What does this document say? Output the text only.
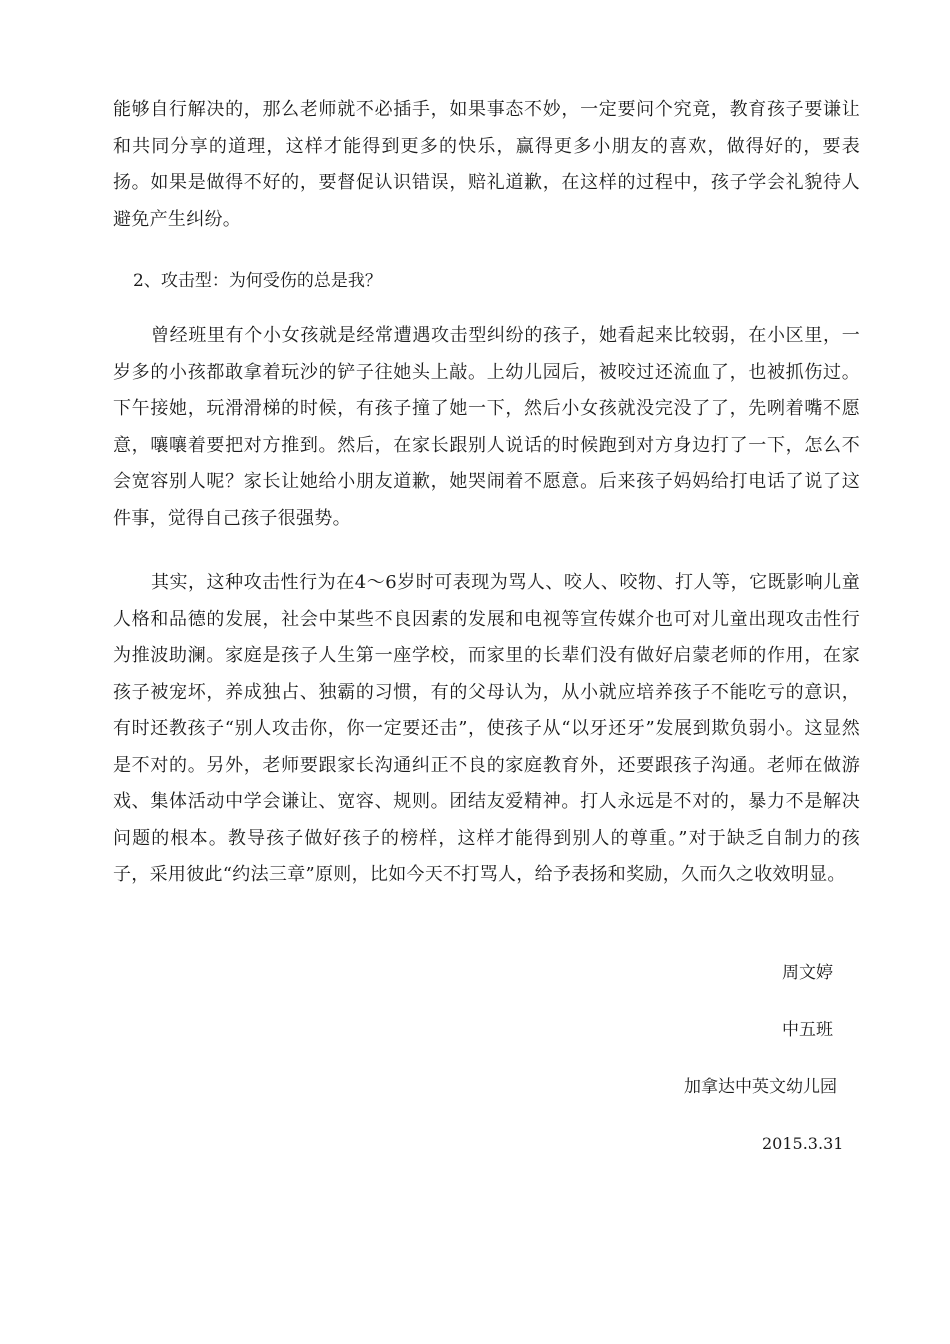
能够自行解决的，那么老师就不必插手，如果事态不妙，一定要问个究竟，教育孩子要谦让和共同分享的道理，这样才能得到更多的快乐，赢得更多小朋友的喜欢，做得好的，要表扬。如果是做得不好的，要督促认识错误，赔礼道歉，在这样的过程中，孩子学会礼貌待人避免产生纠纷。

2、攻击型：为何受伤的总是我？

曾经班里有个小女孩就是经常遭遇攻击型纠纷的孩子，她看起来比较弱，在小区里，一岁多的小孩都敢拿着玩沙的铲子往她头上敲。上幼儿园后，被咬过还流血了，也被抓伤过。下午接她，玩滑滑梯的时候，有孩子撞了她一下，然后小女孩就没完没了了，先咧着嘴不愿意，嚷嚷着要把对方推到。然后，在家长跟别人说话的时候跑到对方身边打了一下，怎么不会宽容别人呢？家长让她给小朋友道歉，她哭闹着不愿意。后来孩子妈妈给打电话了说了这件事，觉得自己孩子很强势。

其实，这种攻击性行为在4～6岁时可表现为骂人、咬人、咬物、打人等，它既影响儿童人格和品德的发展，社会中某些不良因素的发展和电视等宣传媒介也可对儿童出现攻击性行为推波助澜。家庭是孩子人生第一座学校，而家里的长辈们没有做好启蒙老师的作用，在家孩子被宠坏，养成独占、独霸的习惯，有的父母认为，从小就应培养孩子不能吃亏的意识，有时还教孩子“别人攻击你，你一定要还击”，使孩子从“以牙还牙”发展到欺负弱小。这显然是不对的。另外，老师要跟家长沟通纠正不良的家庭教育外，还要跟孩子沟通。老师在做游戏、集体活动中学会谦让、宽容、规则。团结友爱精神。打人永远是不对的，暴力不是解决问题的根本。教导孩子做好孩子的榜样，这样才能得到别人的尊重。”对于缺乏自制力的孩子，采用彼此“约法三章”原则，比如今天不打骂人，给予表扬和奖励，久而久之收效明显。

周文婷

中五班

加拿达中英文幼儿园

2015.3.31
